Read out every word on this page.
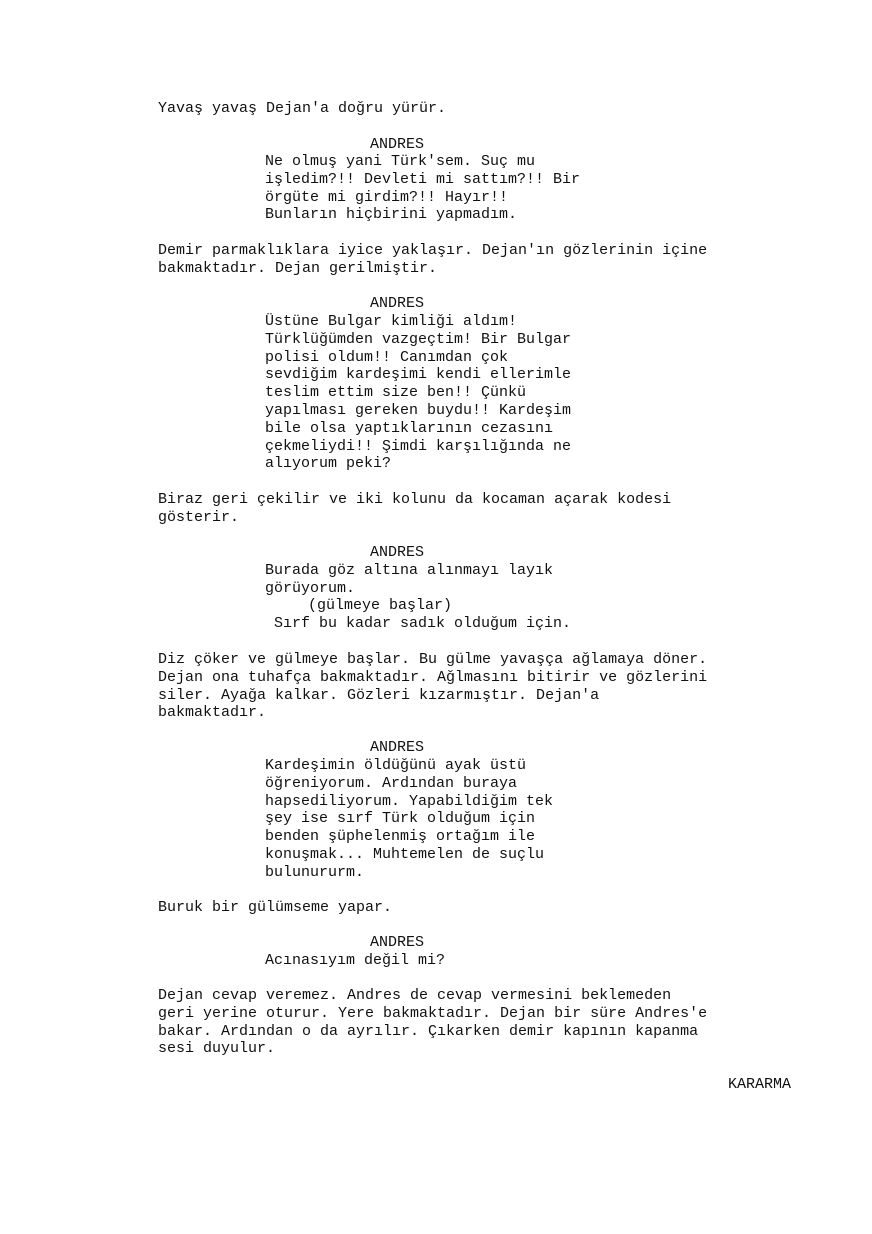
Yavaş yavaş Dejan'a doğru yürür.

ANDRES

Ne olmuş yani Türk'sem. Suç mu
işledim?!! Devleti mi sattım?!! Bir
örgüte mi girdim?!! Hayır!!
Bunların hiçbirini yapmadım.

Demir parmaklıklara iyice yaklaşır. Dejan'ın gözlerinin içine
bakmaktadır. Dejan gerilmiştir.

ANDRES

Üstüne Bulgar kimliği aldım!
Türklüğümden vazgeçtim! Bir Bulgar
polisi oldum!! Canımdan çok
sevdiğim kardeşimi kendi ellerimle
teslim ettim size ben!! Çünkü
yapılması gereken buydu!! Kardeşim
bile olsa yaptıklarının cezasını
çekmeliydi!! Şimdi karşılığında ne
alıyorum peki?

Biraz geri çekilir ve iki kolunu da kocaman açarak kodesi
gösterir.

ANDRES

Burada göz altına alınmayı layık
görüyorum.

(gülmeye başlar)

Sırf bu kadar sadık olduğum için.

Diz çöker ve gülmeye başlar. Bu gülme yavaşça ağlamaya döner.
Dejan ona tuhafça bakmaktadır. Ağlmasını bitirir ve gözlerini
siler. Ayağa kalkar. Gözleri kızarmıştır. Dejan'a
bakmaktadır.

ANDRES

Kardeşimin öldüğünü ayak üstü
öğreniyorum. Ardından buraya
hapsediliyorum. Yapabildiğim tek
şey ise sırf Türk olduğum için
benden şüphelenmiş ortağım ile
konuşmak... Muhtemelen de suçlu
bulunururm.

Buruk bir gülümseme yapar.

ANDRES

Acınasıyım değil mi?

Dejan cevap veremez. Andres de cevap vermesini beklemeden
geri yerine oturur. Yere bakmaktadır. Dejan bir süre Andres'e
bakar. Ardından o da ayrılır. Çıkarken demir kapının kapanma
sesi duyulur.

KARARMA
